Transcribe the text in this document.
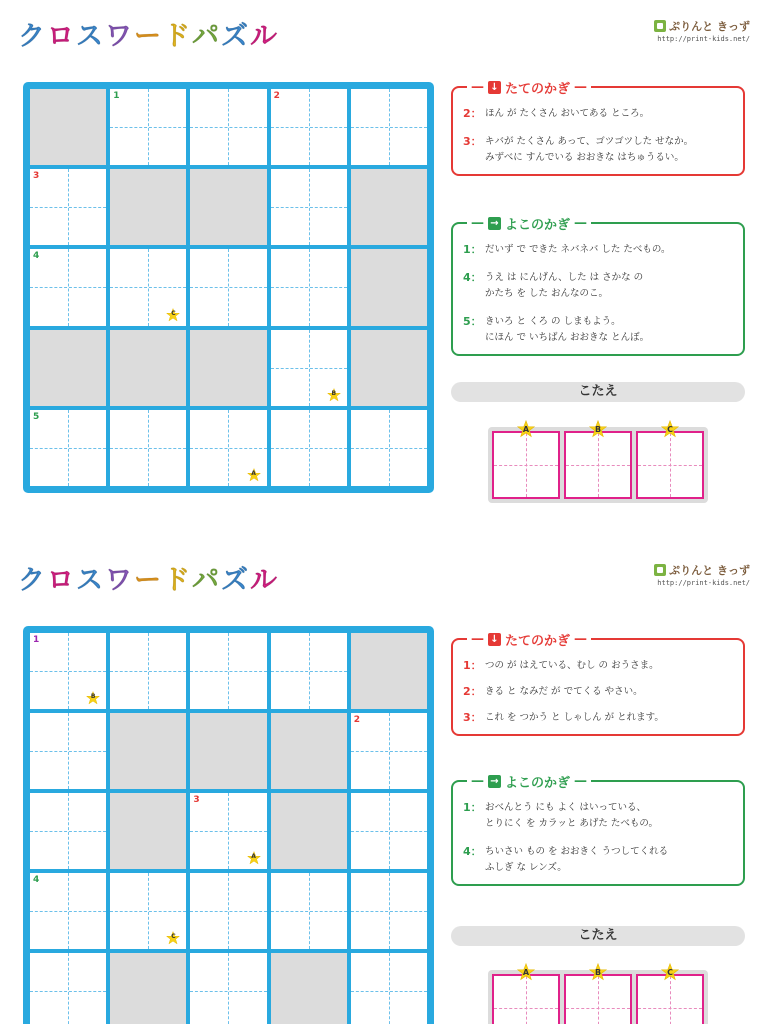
クロスワードパズル	ぷりんと きっず
http://print-kids.net/
1	2
3
4
C
B
5
A
— ↓ たてのかぎ —
2： ほん が たくさん おいてある ところ。
3： キバが たくさん あって、ゴツゴツした せなか。
みずべに すんでいる おおきな はちゅうるい。
— → よこのかぎ —
1： だいず で できた ネバネバ した たべもの。
4： うえ は にんげん、した は さかな の
かたち を した おんなのこ。
5： きいろ と くろ の しまもよう。
にほん で いちばん おおきな とんぼ。
こたえ
A	B	C
クロスワードパズル	ぷりんと きっず
http://print-kids.net/
1
B
2
3
A
4
C
— ↓ たてのかぎ —
1： つの が はえている、むし の おうさま。
2： きる と なみだ が でてくる やさい。
3： これ を つかう と しゃしん が とれます。
— → よこのかぎ —
1： おべんとう にも よく はいっている、
とりにく を カラッと あげた たべもの。
4： ちいさい もの を おおきく うつしてくれる
ふしぎ な レンズ。
こたえ
A	B	C
